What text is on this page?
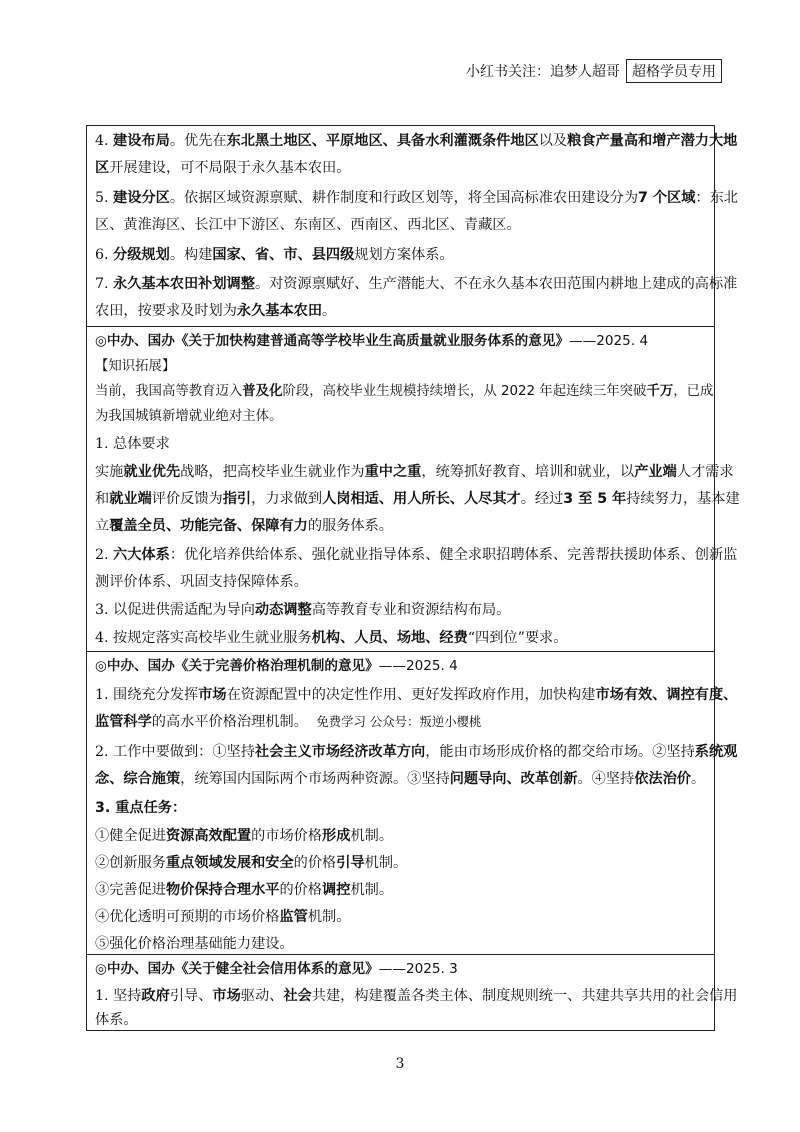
小红书关注：追梦人超哥 超格学员专用
4. 建设布局。优先在东北黑土地区、平原地区、具备水利灌溉条件地区以及粮食产量高和增产潜力大地
区开展建设，可不局限于永久基本农田。
5. 建设分区。依据区域资源禀赋、耕作制度和行政区划等，将全国高标准农田建设分为7 个区域：东北
区、黄淮海区、长江中下游区、东南区、西南区、西北区、青藏区。
6. 分级规划。构建国家、省、市、县四级规划方案体系。
7. 永久基本农田补划调整。对资源禀赋好、生产潜能大、不在永久基本农田范围内耕地上建成的高标准
农田，按要求及时划为永久基本农田。
◎中办、国办《关于加快构建普通高等学校毕业生高质量就业服务体系的意见》——2025. 4
【知识拓展】
当前，我国高等教育迈入普及化阶段，高校毕业生规模持续增长，从 2022 年起连续三年突破千万，已成
为我国城镇新增就业绝对主体。
1. 总体要求
实施就业优先战略，把高校毕业生就业作为重中之重，统筹抓好教育、培训和就业，以产业端人才需求
和就业端评价反馈为指引，力求做到人岗相适、用人所长、人尽其才。经过3 至 5 年持续努力，基本建
立覆盖全员、功能完备、保障有力的服务体系。
2. 六大体系：优化培养供给体系、强化就业指导体系、健全求职招聘体系、完善帮扶援助体系、创新监
测评价体系、巩固支持保障体系。
3. 以促进供需适配为导向动态调整高等教育专业和资源结构布局。
4. 按规定落实高校毕业生就业服务机构、人员、场地、经费“四到位”要求。
◎中办、国办《关于完善价格治理机制的意见》——2025. 4
1. 围绕充分发挥市场在资源配置中的决定性作用、更好发挥政府作用，加快构建市场有效、调控有度、
监管科学的高水平价格治理机制。 免费学习 公众号：叛逆小樱桃
2. 工作中要做到：①坚持社会主义市场经济改革方向，能由市场形成价格的都交给市场。②坚持系统观
念、综合施策，统筹国内国际两个市场两种资源。③坚持问题导向、改革创新。④坚持依法治价。
3. 重点任务：
①健全促进资源高效配置的市场价格形成机制。
②创新服务重点领域发展和安全的价格引导机制。
③完善促进物价保持合理水平的价格调控机制。
④优化透明可预期的市场价格监管机制。
⑤强化价格治理基础能力建设。
◎中办、国办《关于健全社会信用体系的意见》——2025. 3
1. 坚持政府引导、市场驱动、社会共建，构建覆盖各类主体、制度规则统一、共建共享共用的社会信用
体系。
3
